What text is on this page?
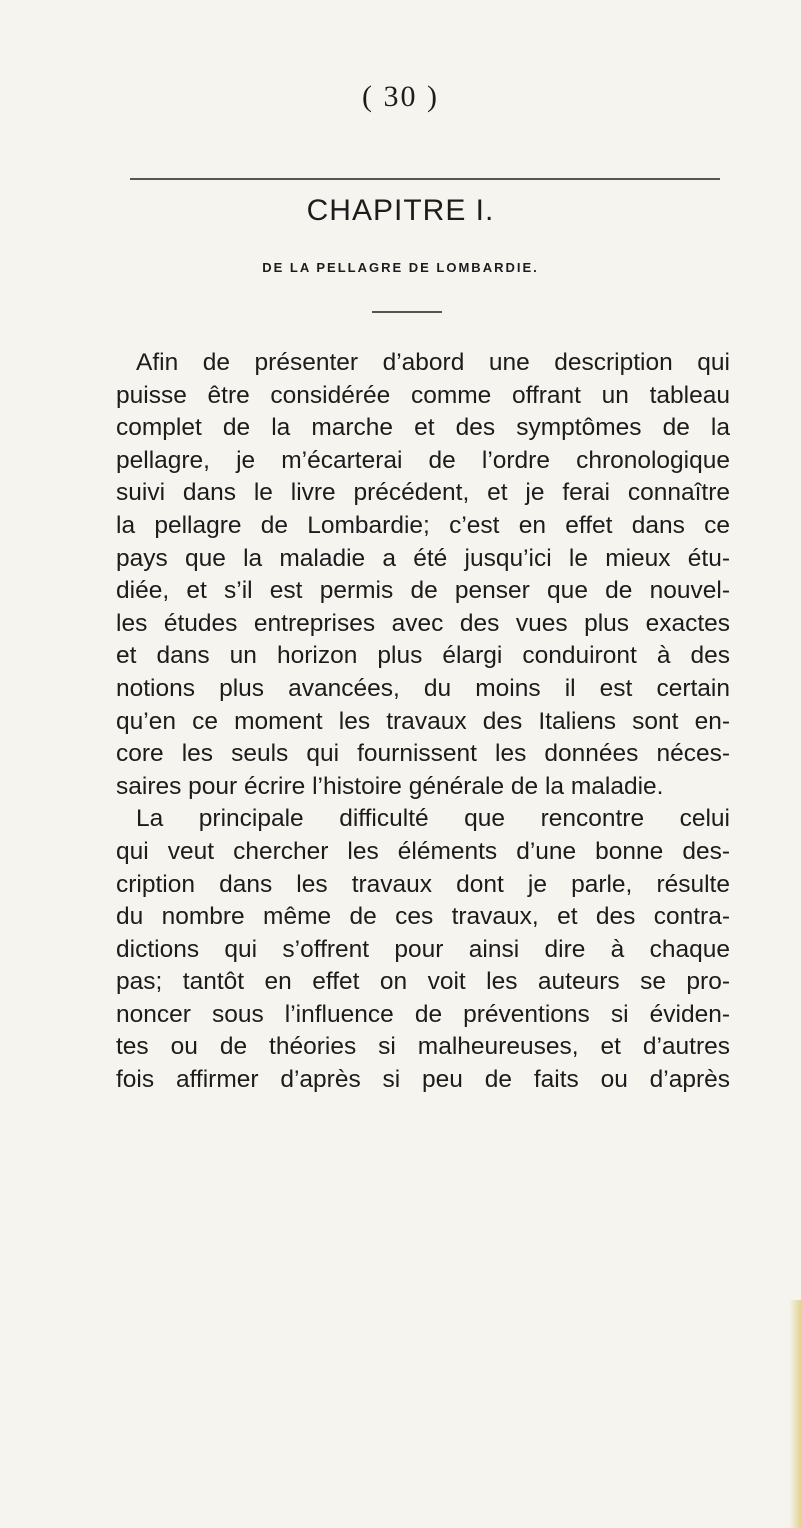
( 30 )
CHAPITRE I.
DE LA PELLAGRE DE LOMBARDIE.
Afin de présenter d’abord une description qui
puisse être considérée comme offrant un tableau
complet de la marche et des symptômes de la
pellagre, je m’écarterai de l’ordre chronologique
suivi dans le livre précédent, et je ferai connaître
la pellagre de Lombardie; c’est en effet dans ce
pays que la maladie a été jusqu’ici le mieux étu-
diée, et s’il est permis de penser que de nouvel-
les études entreprises avec des vues plus exactes
et dans un horizon plus élargi conduiront à des
notions plus avancées, du moins il est certain
qu’en ce moment les travaux des Italiens sont en-
core les seuls qui fournissent les données néces-
saires pour écrire l’histoire générale de la maladie.
La principale difficulté que rencontre celui
qui veut chercher les éléments d’une bonne des-
cription dans les travaux dont je parle, résulte
du nombre même de ces travaux, et des contra-
dictions qui s’offrent pour ainsi dire à chaque
pas; tantôt en effet on voit les auteurs se pro-
noncer sous l’influence de préventions si éviden-
tes ou de théories si malheureuses, et d’autres
fois affirmer d’après si peu de faits ou d’après
